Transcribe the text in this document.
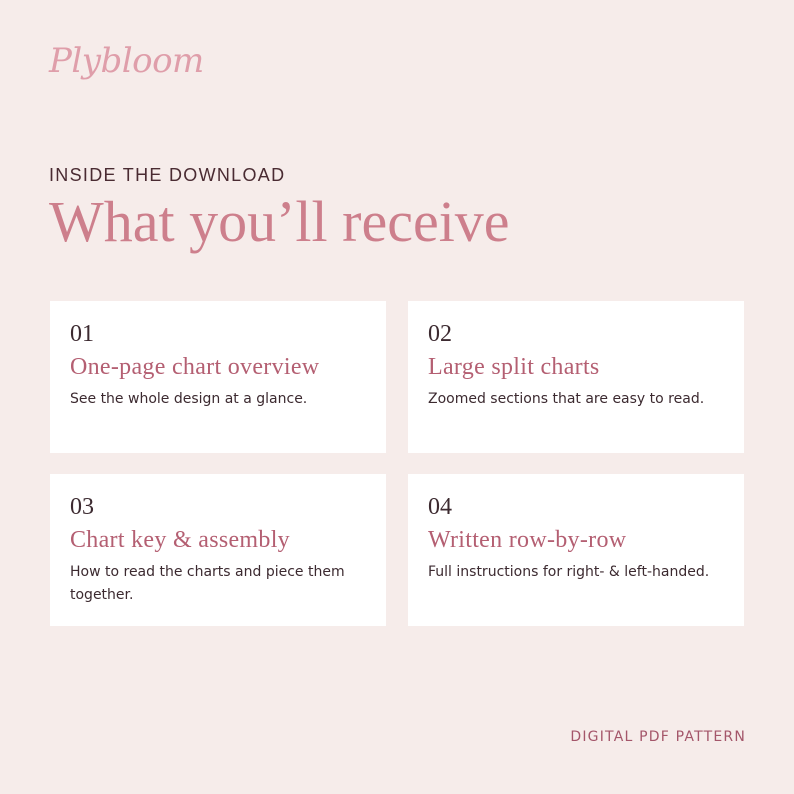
Plybloom
INSIDE THE DOWNLOAD
What you’ll receive
01
One-page chart overview
See the whole design at a glance.
02
Large split charts
Zoomed sections that are easy to read.
03
Chart key & assembly
How to read the charts and piece them together.
04
Written row-by-row
Full instructions for right- & left-handed.
DIGITAL PDF PATTERN
